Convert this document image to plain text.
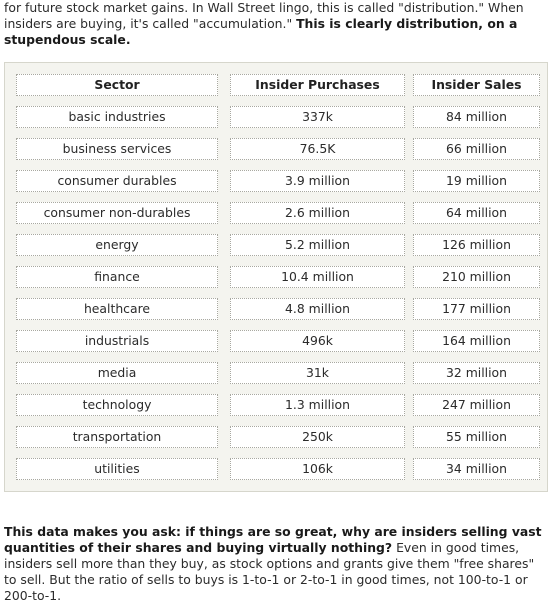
for future stock market gains. In Wall Street lingo, this is called "distribution." When insiders are buying, it's called "accumulation." This is clearly distribution, on a stupendous scale.

Sector	Insider Purchases	Insider Sales
basic industries	337k	84 million
business services	76.5K	66 million
consumer durables	3.9 million	19 million
consumer non-durables	2.6 million	64 million
energy	5.2 million	126 million
finance	10.4 million	210 million
healthcare	4.8 million	177 million
industrials	496k	164 million
media	31k	32 million
technology	1.3 million	247 million
transportation	250k	55 million
utilities	106k	34 million

This data makes you ask: if things are so great, why are insiders selling vast quantities of their shares and buying virtually nothing? Even in good times, insiders sell more than they buy, as stock options and grants give them "free shares" to sell. But the ratio of sells to buys is 1-to-1 or 2-to-1 in good times, not 100-to-1 or 200-to-1.
